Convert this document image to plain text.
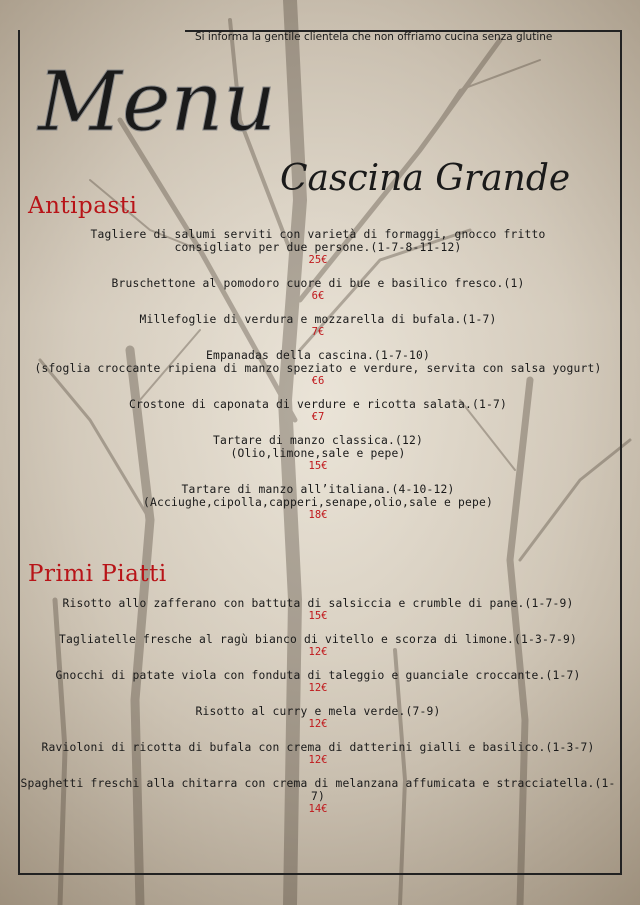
Si informa la gentile clientela che non offriamo cucina senza glutine
Menu
Cascina Grande
Antipasti
Tagliere di salumi serviti con varietà di formaggi, gnocco fritto
consigliato per due persone.(1-7-8-11-12)
25€
Bruschettone al pomodoro cuore di bue e basilico fresco.(1)
6€
Millefoglie di verdura e mozzarella di bufala.(1-7)
7€
Empanadas della cascina.(1-7-10)
(sfoglia croccante ripiena di manzo speziato e verdure, servita con salsa yogurt)
€6
Crostone di caponata di verdure e ricotta salata.(1-7)
€7
Tartare di manzo classica.(12)
(Olio,limone,sale e pepe)
15€
Tartare di manzo all’italiana.(4-10-12)
(Acciughe,cipolla,capperi,senape,olio,sale e pepe)
18€
Primi Piatti
Risotto allo zafferano con battuta di salsiccia e crumble di pane.(1-7-9)
15€
Tagliatelle fresche al ragù bianco di vitello e scorza di limone.(1-3-7-9)
12€
Gnocchi di patate viola con fonduta di taleggio e guanciale croccante.(1-7)
12€
Risotto al curry e mela verde.(7-9)
12€
Ravioloni di ricotta di bufala con crema di datterini gialli e basilico.(1-3-7)
12€
Spaghetti freschi alla chitarra con crema di melanzana affumicata e stracciatella.(1-7)
14€
